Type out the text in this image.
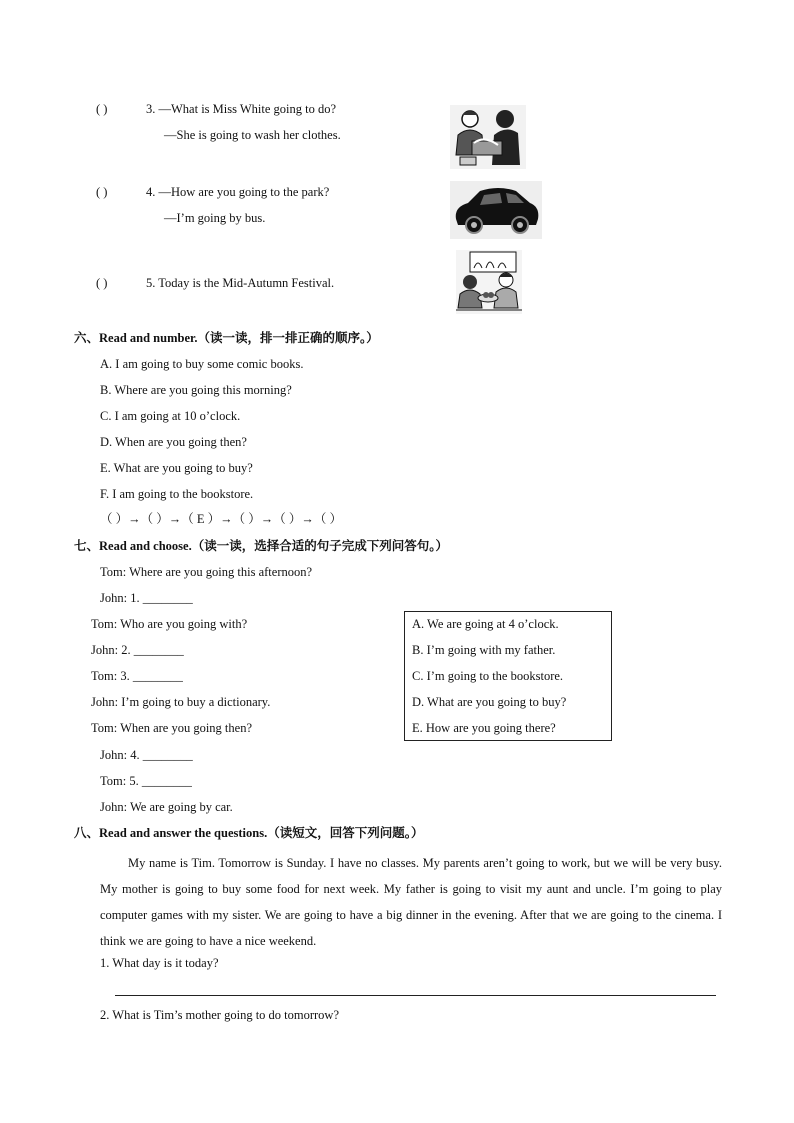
( )	3. —What is Miss White going to do?
—She is going to wash her clothes.
( )	4. —How are you going to the park?
—I’m going by bus.
( )	5. Today is the Mid-Autumn Festival.
六、Read and number.（读一读，排一排正确的顺序。）
A. I am going to buy some comic books.
B. Where are you going this morning?
C. I am going at 10 o’clock.
D. When are you going then?
E. What are you going to buy?
F. I am going to the bookstore.
（ ）→（ ）→（ E ）→（ ）→（ ）→（ ）
七、Read and choose.（读一读，选择合适的句子完成下列问答句。）
Tom: Where are you going this afternoon?
John: 1. ________
Tom: Who are you going with?
John: 2. ________
Tom: 3. ________
John: I’m going to buy a dictionary.
Tom: When are you going then?
John: 4. ________
Tom: 5. ________
John: We are going by car.
A. We are going at 4 o’clock.
B. I’m going with my father.
C. I’m going to the bookstore.
D. What are you going to buy?
E. How are you going there?
八、Read and answer the questions.（读短文，回答下列问题。）
My name is Tim. Tomorrow is Sunday. I have no classes. My parents aren’t going to work, but we will be very busy. My mother is going to buy some food for next week. My father is going to visit my aunt and uncle. I’m going to play computer games with my sister. We are going to have a big dinner in the evening. After that we are going to the cinema. I think we are going to have a nice weekend.
1. What day is it today?
2. What is Tim’s mother going to do tomorrow?
